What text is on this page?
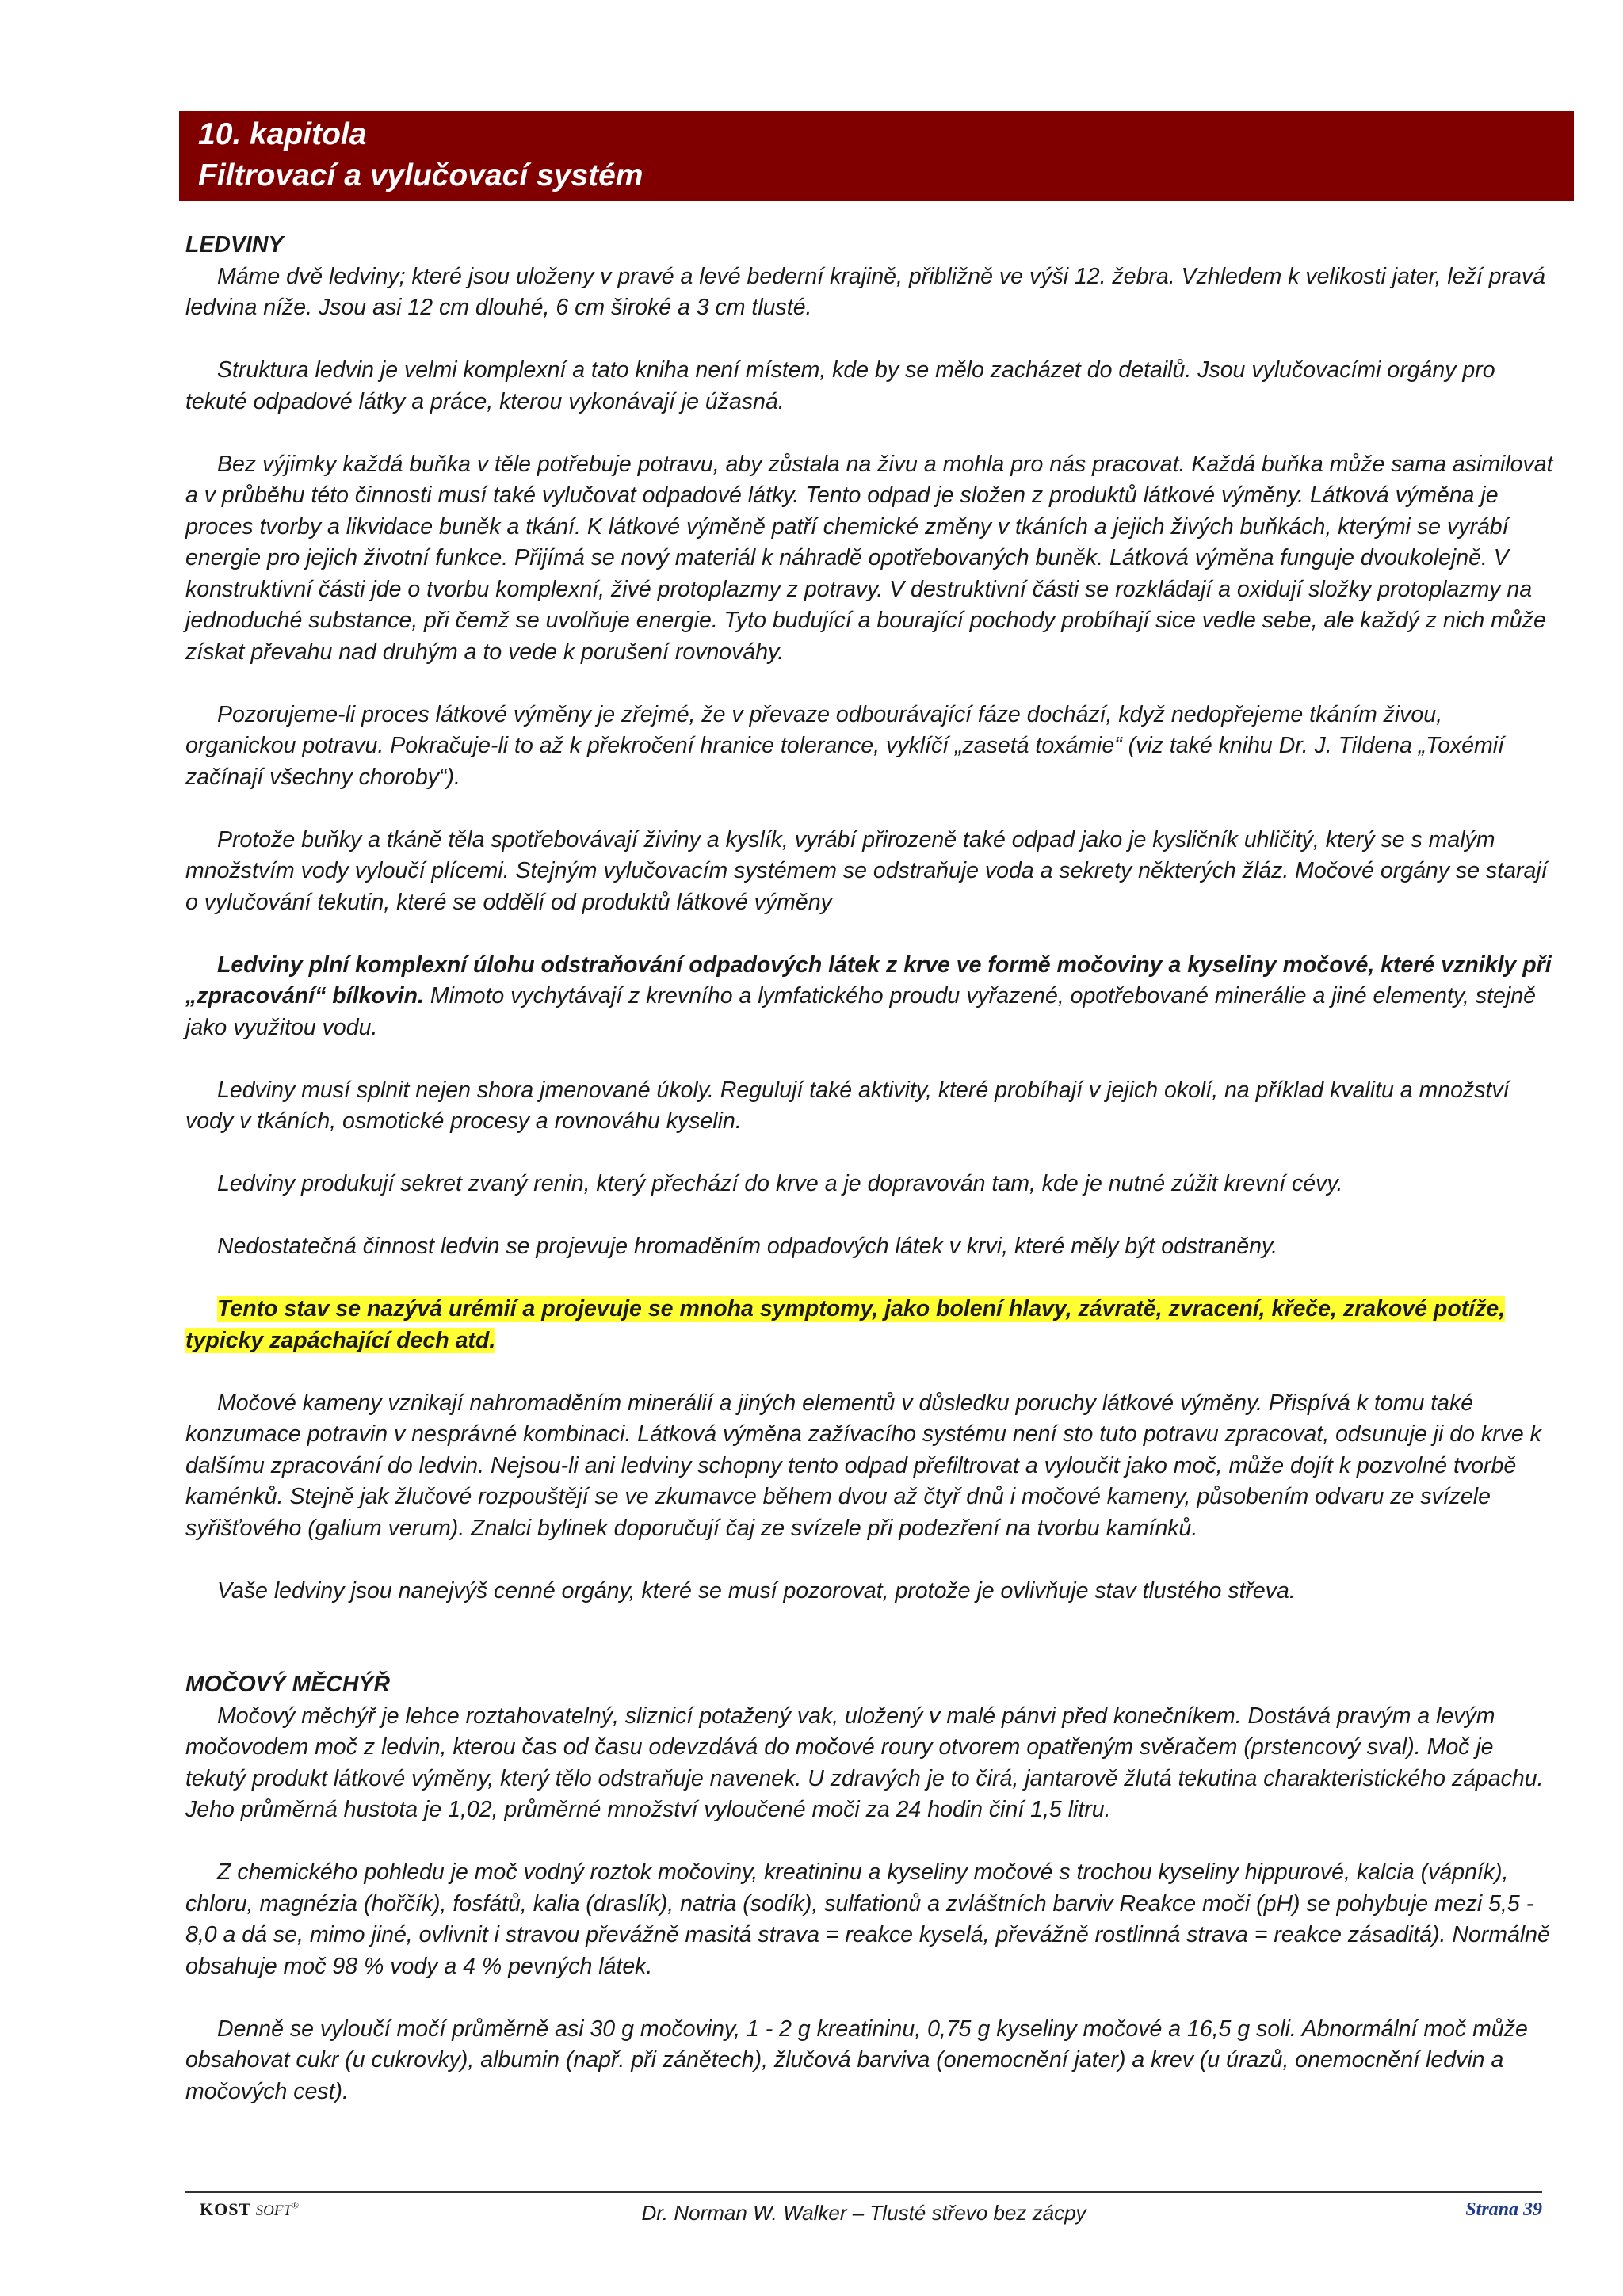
10. kapitola
Filtrovací a vylučovací systém

LEDVINY

Máme dvě ledviny; které jsou uloženy v pravé a levé bederní krajině, přibližně ve výši 12. žebra. Vzhledem k velikosti jater, leží pravá ledvina níže. Jsou asi 12 cm dlouhé, 6 cm široké a 3 cm tlusté.

Struktura ledvin je velmi komplexní a tato kniha není místem, kde by se mělo zacházet do detailů. Jsou vylučovacími orgány pro tekuté odpadové látky a práce, kterou vykonávají je úžasná.

Bez výjimky každá buňka v těle potřebuje potravu, aby zůstala na živu a mohla pro nás pracovat. Každá buňka může sama asimilovat a v průběhu této činnosti musí také vylučovat odpadové látky. Tento odpad je složen z produktů látkové výměny. Látková výměna je proces tvorby a likvidace buněk a tkání. K látkové výměně patří chemické změny v tkáních a jejich živých buňkách, kterými se vyrábí energie pro jejich životní funkce. Přijímá se nový materiál k náhradě opotřebovaných buněk. Látková výměna funguje dvoukolejně. V konstruktivní části jde o tvorbu komplexní, živé protoplazmy z potravy. V destruktivní části se rozkládají a oxidují složky protoplazmy na jednoduché substance, při čemž se uvolňuje energie. Tyto budující a bourající pochody probíhají sice vedle sebe, ale každý z nich může získat převahu nad druhým a to vede k porušení rovnováhy.

Pozorujeme-li proces látkové výměny je zřejmé, že v převaze odbourávající fáze dochází, když nedopřejeme tkáním živou, organickou potravu. Pokračuje-li to až k překročení hranice tolerance, vyklíčí „zasetá toxámie“ (viz také knihu Dr. J. Tildena „Toxémií začínají všechny choroby“).

Protože buňky a tkáně těla spotřebovávají živiny a kyslík, vyrábí přirozeně také odpad jako je kysličník uhličitý, který se s malým množstvím vody vyloučí plícemi. Stejným vylučovacím systémem se odstraňuje voda a sekrety některých žláz. Močové orgány se starají o vylučování tekutin, které se oddělí od produktů látkové výměny

Ledviny plní komplexní úlohu odstraňování odpadových látek z krve ve formě močoviny a kyseliny močové, které vznikly při „zpracování“ bílkovin. Mimoto vychytávají z krevního a lymfatického proudu vyřazené, opotřebované minerálie a jiné elementy, stejně jako využitou vodu.

Ledviny musí splnit nejen shora jmenované úkoly. Regulují také aktivity, které probíhají v jejich okolí, na příklad kvalitu a množství vody v tkáních, osmotické procesy a rovnováhu kyselin.

Ledviny produkují sekret zvaný renin, který přechází do krve a je dopravován tam, kde je nutné zúžit krevní cévy.

Nedostatečná činnost ledvin se projevuje hromaděním odpadových látek v krvi, které měly být odstraněny.

Tento stav se nazývá urémií a projevuje se mnoha symptomy, jako bolení hlavy, závratě, zvracení, křeče, zrakové potíže, typicky zapáchající dech atd.

Močové kameny vznikají nahromaděním minerálií a jiných elementů v důsledku poruchy látkové výměny. Přispívá k tomu také konzumace potravin v nesprávné kombinaci. Látková výměna zažívacího systému není sto tuto potravu zpracovat, odsunuje ji do krve k dalšímu zpracování do ledvin. Nejsou-li ani ledviny schopny tento odpad přefiltrovat a vyloučit jako moč, může dojít k pozvolné tvorbě kaménků. Stejně jak žlučové rozpouštějí se ve zkumavce během dvou až čtyř dnů i močové kameny, působením odvaru ze svízele syřišťového (galium verum). Znalci bylinek doporučují čaj ze svízele při podezření na tvorbu kamínků.

Vaše ledviny jsou nanejvýš cenné orgány, které se musí pozorovat, protože je ovlivňuje stav tlustého střeva.

MOČOVÝ MĚCHÝŘ

Močový měchýř je lehce roztahovatelný, sliznicí potažený vak, uložený v malé pánvi před konečníkem. Dostává pravým a levým močovodem moč z ledvin, kterou čas od času odevzdává do močové roury otvorem opatřeným svěračem (prstencový sval). Moč je tekutý produkt látkové výměny, který tělo odstraňuje navenek. U zdravých je to čirá, jantarově žlutá tekutina charakteristického zápachu. Jeho průměrná hustota je 1,02, průměrné množství vyloučené moči za 24 hodin činí 1,5 litru.

Z chemického pohledu je moč vodný roztok močoviny, kreatininu a kyseliny močové s trochou kyseliny hippurové, kalcia (vápník), chloru, magnézia (hořčík), fosfátů, kalia (draslík), natria (sodík), sulfationů a zvláštních barviv Reakce moči (pH) se pohybuje mezi 5,5 - 8,0 a dá se, mimo jiné, ovlivnit i stravou převážně masitá strava = reakce kyselá, převážně rostlinná strava = reakce zásaditá). Normálně obsahuje moč 98 % vody a 4 % pevných látek.

Denně se vyloučí močí průměrně asi 30 g močoviny, 1 - 2 g kreatininu, 0,75 g kyseliny močové a 16,5 g soli. Abnormální moč může obsahovat cukr (u cukrovky), albumin (např. při zánětech), žlučová barviva (onemocnění jater) a krev (u úrazů, onemocnění ledvin a močových cest).

KOST SOFT®	Dr. Norman W. Walker – Tlusté střevo bez zácpy	Strana 39
